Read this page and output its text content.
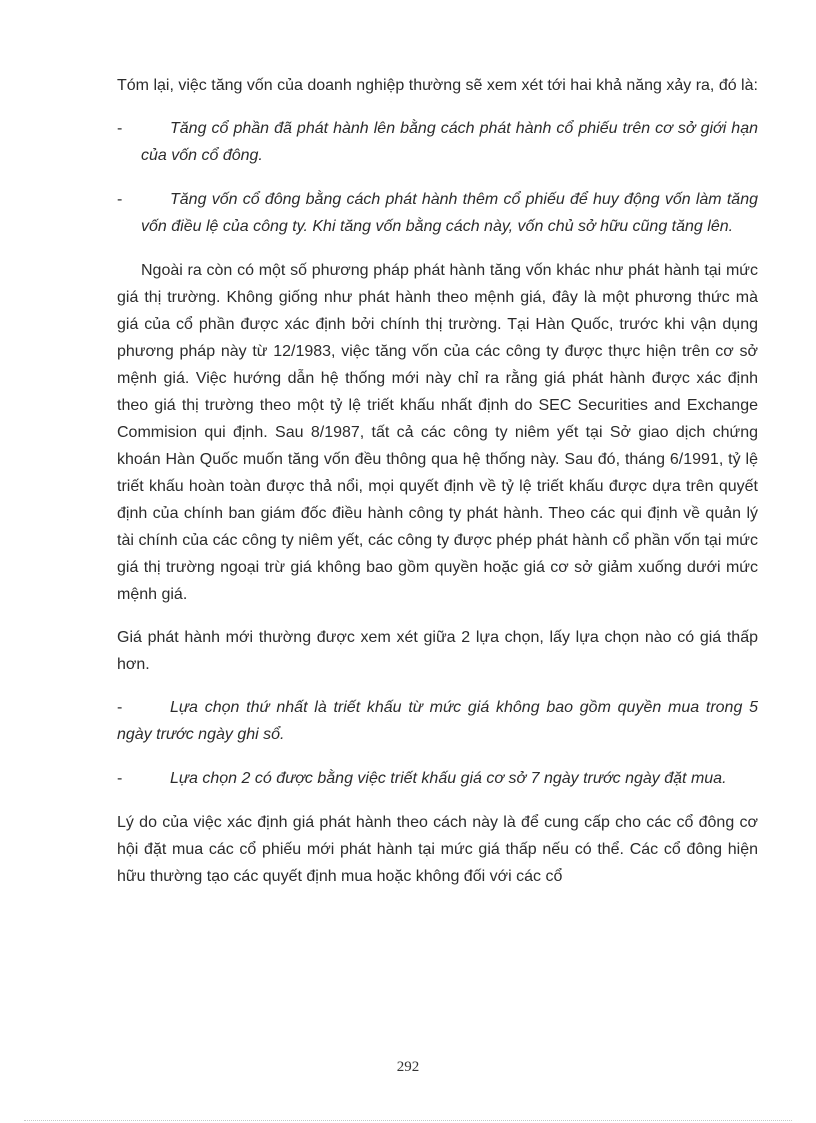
Tóm lại, việc tăng vốn của doanh nghiệp thường sẽ xem xét tới hai khả năng xảy ra, đó là:

-	Tăng cổ phần đã phát hành lên bằng cách phát hành cổ phiếu trên cơ sở giới hạn của vốn cổ đông.
-	Tăng vốn cổ đông bằng cách phát hành thêm cổ phiếu để huy động vốn làm tăng vốn điều lệ của công ty. Khi tăng vốn bằng cách này, vốn chủ sở hữu cũng tăng lên.

Ngoài ra còn có một số phương pháp phát hành tăng vốn khác như phát hành tại mức giá thị trường. Không giống như phát hành theo mệnh giá, đây là một phương thức mà giá của cổ phần được xác định bởi chính thị trường. Tại Hàn Quốc, trước khi vận dụng phương pháp này từ 12/1983, việc tăng vốn của các công ty được thực hiện trên cơ sở mệnh giá. Việc hướng dẫn hệ thống mới này chỉ ra rằng giá phát hành được xác định theo giá thị trường theo một tỷ lệ triết khấu nhất định do SEC Securities and Exchange Commision qui định. Sau 8/1987, tất cả các công ty niêm yết tại Sở giao dịch chứng khoán Hàn Quốc muốn tăng vốn đều thông qua hệ thống này. Sau đó, tháng 6/1991, tỷ lệ triết khấu hoàn toàn được thả nổi, mọi quyết định về tỷ lệ triết khấu được dựa trên quyết định của chính ban giám đốc điều hành công ty phát hành. Theo các qui định về quản lý tài chính của các công ty niêm yết, các công ty được phép phát hành cổ phần vốn tại mức giá thị trường ngoại trừ giá không bao gồm quyền hoặc giá cơ sở giảm xuống dưới mức mệnh giá.

Giá phát hành mới thường được xem xét giữa 2 lựa chọn, lấy lựa chọn nào có giá thấp hơn.

-	Lựa chọn thứ nhất là triết khấu từ mức giá không bao gồm quyền mua trong 5 ngày trước ngày ghi sổ.
-	Lựa chọn 2 có được bằng việc triết khấu giá cơ sở 7 ngày trước ngày đặt mua.

Lý do của việc xác định giá phát hành theo cách này là để cung cấp cho các cổ đông cơ hội đặt mua các cổ phiếu mới phát hành tại mức giá thấp nếu có thể. Các cổ đông hiện hữu thường tạo các quyết định mua hoặc không đối với các cổ

292
